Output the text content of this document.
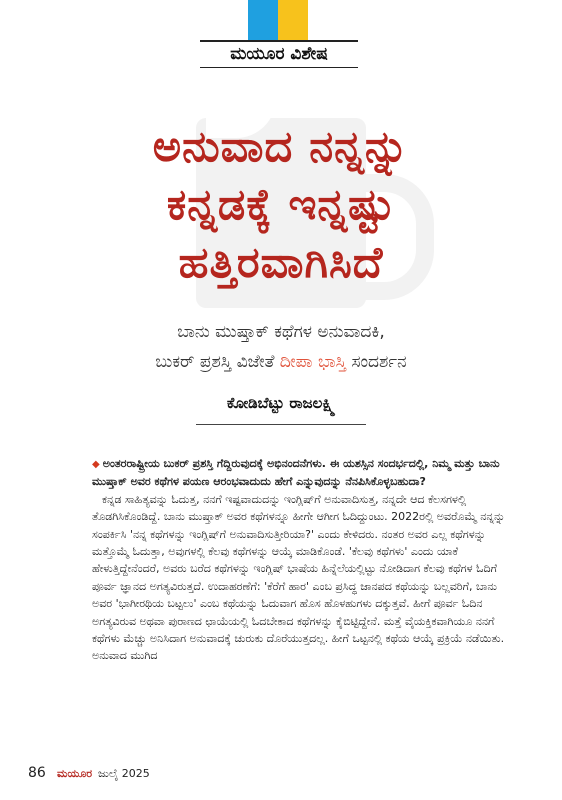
ಮಯೂರ ವಿಶೇಷ
ಅನುವಾದ ನನ್ನನ್ನು
ಕನ್ನಡಕ್ಕೆ ಇನ್ನಷ್ಟು
ಹತ್ತಿರವಾಗಿಸಿದೆ
ಬಾನು ಮುಷ್ತಾಕ್ ಕಥೆಗಳ ಅನುವಾದಕಿ,
ಬುಕರ್ ಪ್ರಶಸ್ತಿ ವಿಜೇತೆ ದೀಪಾ ಭಾಸ್ತಿ ಸಂದರ್ಶನ
ಕೋಡಿಬೆಟ್ಟು ರಾಜಲಕ್ಷ್ಮಿ

◆ ಅಂತರರಾಷ್ಟ್ರೀಯ ಬುಕರ್ ಪ್ರಶಸ್ತಿ ಗೆದ್ದಿರುವುದಕ್ಕೆ ಅಭಿನಂದನೆಗಳು. ಈ ಯಶಸ್ಸಿನ ಸಂದರ್ಭದಲ್ಲಿ, ನಿಮ್ಮ ಮತ್ತು ಬಾನು ಮುಷ್ತಾಕ್ ಅವರ ಕಥೆಗಳ ಪಯಣ ಆರಂಭವಾದುದು ಹೇಗೆ ಎನ್ನುವುದನ್ನು ನೆನಪಿಸಿಕೊಳ್ಳಬಹುದಾ?

ಕನ್ನಡ ಸಾಹಿತ್ಯವನ್ನು ಓದುತ್ತ, ನನಗೆ ಇಷ್ಟವಾದುದನ್ನು ಇಂಗ್ಲಿಷ್‌ಗೆ ಅನುವಾದಿಸುತ್ತ, ನನ್ನದೇ ಆದ ಕೆಲಸಗಳಲ್ಲಿ ತೊಡಗಿಸಿಕೊಂಡಿದ್ದೆ. ಬಾನು ಮುಷ್ತಾಕ್ ಅವರ ಕಥೆಗಳನ್ನೂ ಹೀಗೇ ಆಗೀಗ ಓದಿದ್ದುಂಟು. 2022ರಲ್ಲಿ ಅವರೊಮ್ಮೆ ನನ್ನನ್ನು ಸಂಪರ್ಕಿಸಿ 'ನನ್ನ ಕಥೆಗಳನ್ನು ಇಂಗ್ಲಿಷ್‌ಗೆ ಅನುವಾದಿಸುತ್ತೀರಿಯಾ?' ಎಂದು ಕೇಳಿದರು. ನಂತರ ಅವರ ಎಲ್ಲ ಕಥೆಗಳನ್ನು ಮತ್ತೊಮ್ಮೆ ಓದುತ್ತಾ, ಅವುಗಳಲ್ಲಿ ಕೆಲವು ಕಥೆಗಳನ್ನು ಆಯ್ಕೆ ಮಾಡಿಕೊಂಡೆ. 'ಕೆಲವು ಕಥೆಗಳು' ಎಂದು ಯಾಕೆ ಹೇಳುತ್ತಿದ್ದೇನೆಂದರೆ, ಅವರು ಬರೆದ ಕಥೆಗಳನ್ನು ಇಂಗ್ಲಿಷ್ ಭಾಷೆಯ ಹಿನ್ನೆಲೆಯಲ್ಲಿಟ್ಟು ನೋಡಿದಾಗ ಕೆಲವು ಕಥೆಗಳ ಓದಿಗೆ ಪೂರ್ವ ಜ್ಞಾನದ ಅಗತ್ಯವಿರುತ್ತದೆ. ಉದಾಹರಣೆಗೆ: 'ಕೆರೆಗೆ ಹಾರ' ಎಂಬ ಪ್ರಸಿದ್ಧ ಜಾನಪದ ಕಥೆಯನ್ನು ಬಲ್ಲವರಿಗೆ, ಬಾನು ಅವರ 'ಭಾಗೀರಥಿಯ ಬಟ್ಟಲು' ಎಂಬ ಕಥೆಯನ್ನು ಓದುವಾಗ ಹೊಸ ಹೊಳಹುಗಳು ದಕ್ಕುತ್ತವೆ. ಹೀಗೆ ಪೂರ್ವ ಓದಿನ ಅಗತ್ಯವಿರುವ ಅಥವಾ ಪುರಾಣದ ಛಾಯೆಯಲ್ಲಿ ಓದಬೇಕಾದ ಕಥೆಗಳನ್ನು ಕೈಬಿಟ್ಟಿದ್ದೇನೆ. ಮತ್ತೆ ವೈಯಕ್ತಿಕವಾಗಿಯೂ ನನಗೆ ಕಥೆಗಳು ಮೆಚ್ಚು ಅನಿಸಿದಾಗ ಅನುವಾದಕ್ಕೆ ಚುರುಕು ದೊರೆಯುತ್ತದಲ್ಲ. ಹೀಗೆ ಒಟ್ಟನಲ್ಲಿ ಕಥೆಯ ಆಯ್ಕೆ ಪ್ರಕ್ರಿಯೆ ನಡೆಯಿತು. ಅನುವಾದ ಮುಗಿದ

86 ಮಯೂರ ಜುಲೈ 2025
